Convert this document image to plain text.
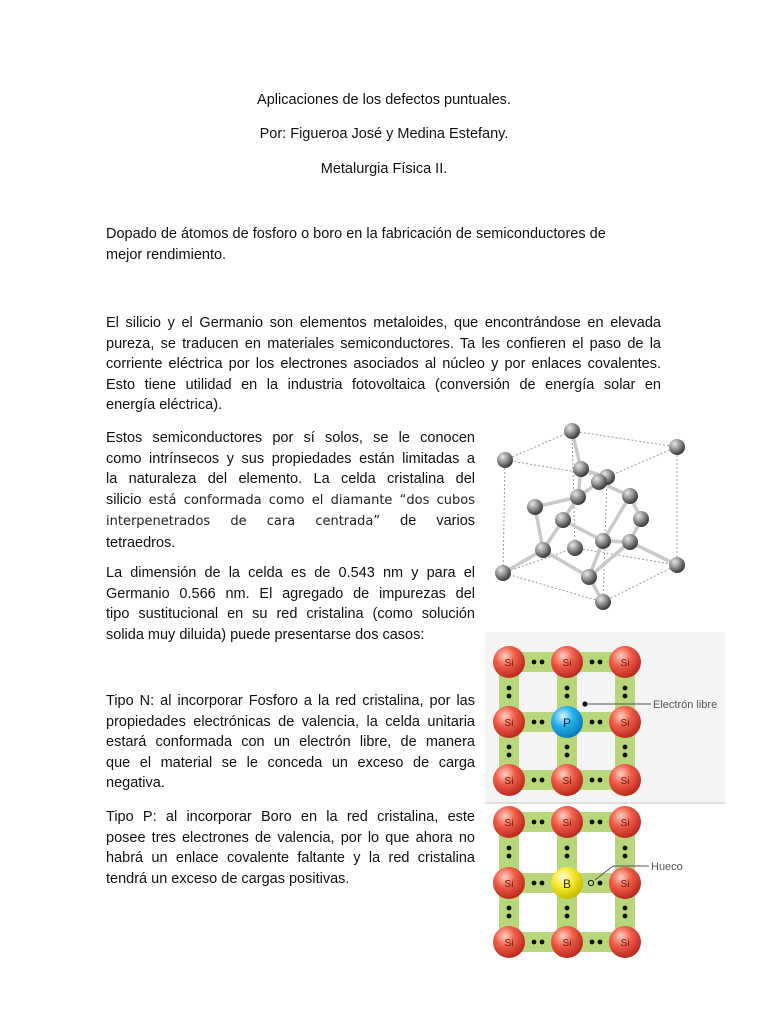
Aplicaciones de los defectos puntuales.
Por: Figueroa José y Medina Estefany.
Metalurgia Física II.
Dopado de átomos de fosforo o boro en la fabricación de semiconductores de
mejor rendimiento.
El silicio y el Germanio son elementos metaloides, que encontrándose en elevada
pureza, se traducen en materiales semiconductores. Ta les confieren el paso de la
corriente eléctrica por los electrones asociados al núcleo y por enlaces covalentes.
Esto tiene utilidad en la industria fotovoltaica (conversión de energía solar en
energía eléctrica).
Estos semiconductores por sí solos, se le conocen
como intrínsecos y sus propiedades están limitadas a
la naturaleza del elemento. La celda cristalina del
silicio está conformada como el diamante “dos cubos
interpenetrados de cara centrada” de varios
tetraedros.
La dimensión de la celda es de 0.543 nm y para el
Germanio 0.566 nm. El agregado de impurezas del
tipo sustitucional en su red cristalina (como solución
solida muy diluida) puede presentarse dos casos:
Tipo N: al incorporar Fosforo a la red cristalina, por las
propiedades electrónicas de valencia, la celda unitaria
estará conformada con un electrón libre, de manera
que el material se le conceda un exceso de carga
negativa.
Tipo P: al incorporar Boro en la red cristalina, este
posee tres electrones de valencia, por lo que ahora no
habrá un enlace covalente faltante y la red cristalina
tendrá un exceso de cargas positivas.
Si	Si	Si
Si	Si
Si	Si	Si
P
Electrón libre
Si	Si	Si
Si	Si
Si	Si	Si
B
Hueco
